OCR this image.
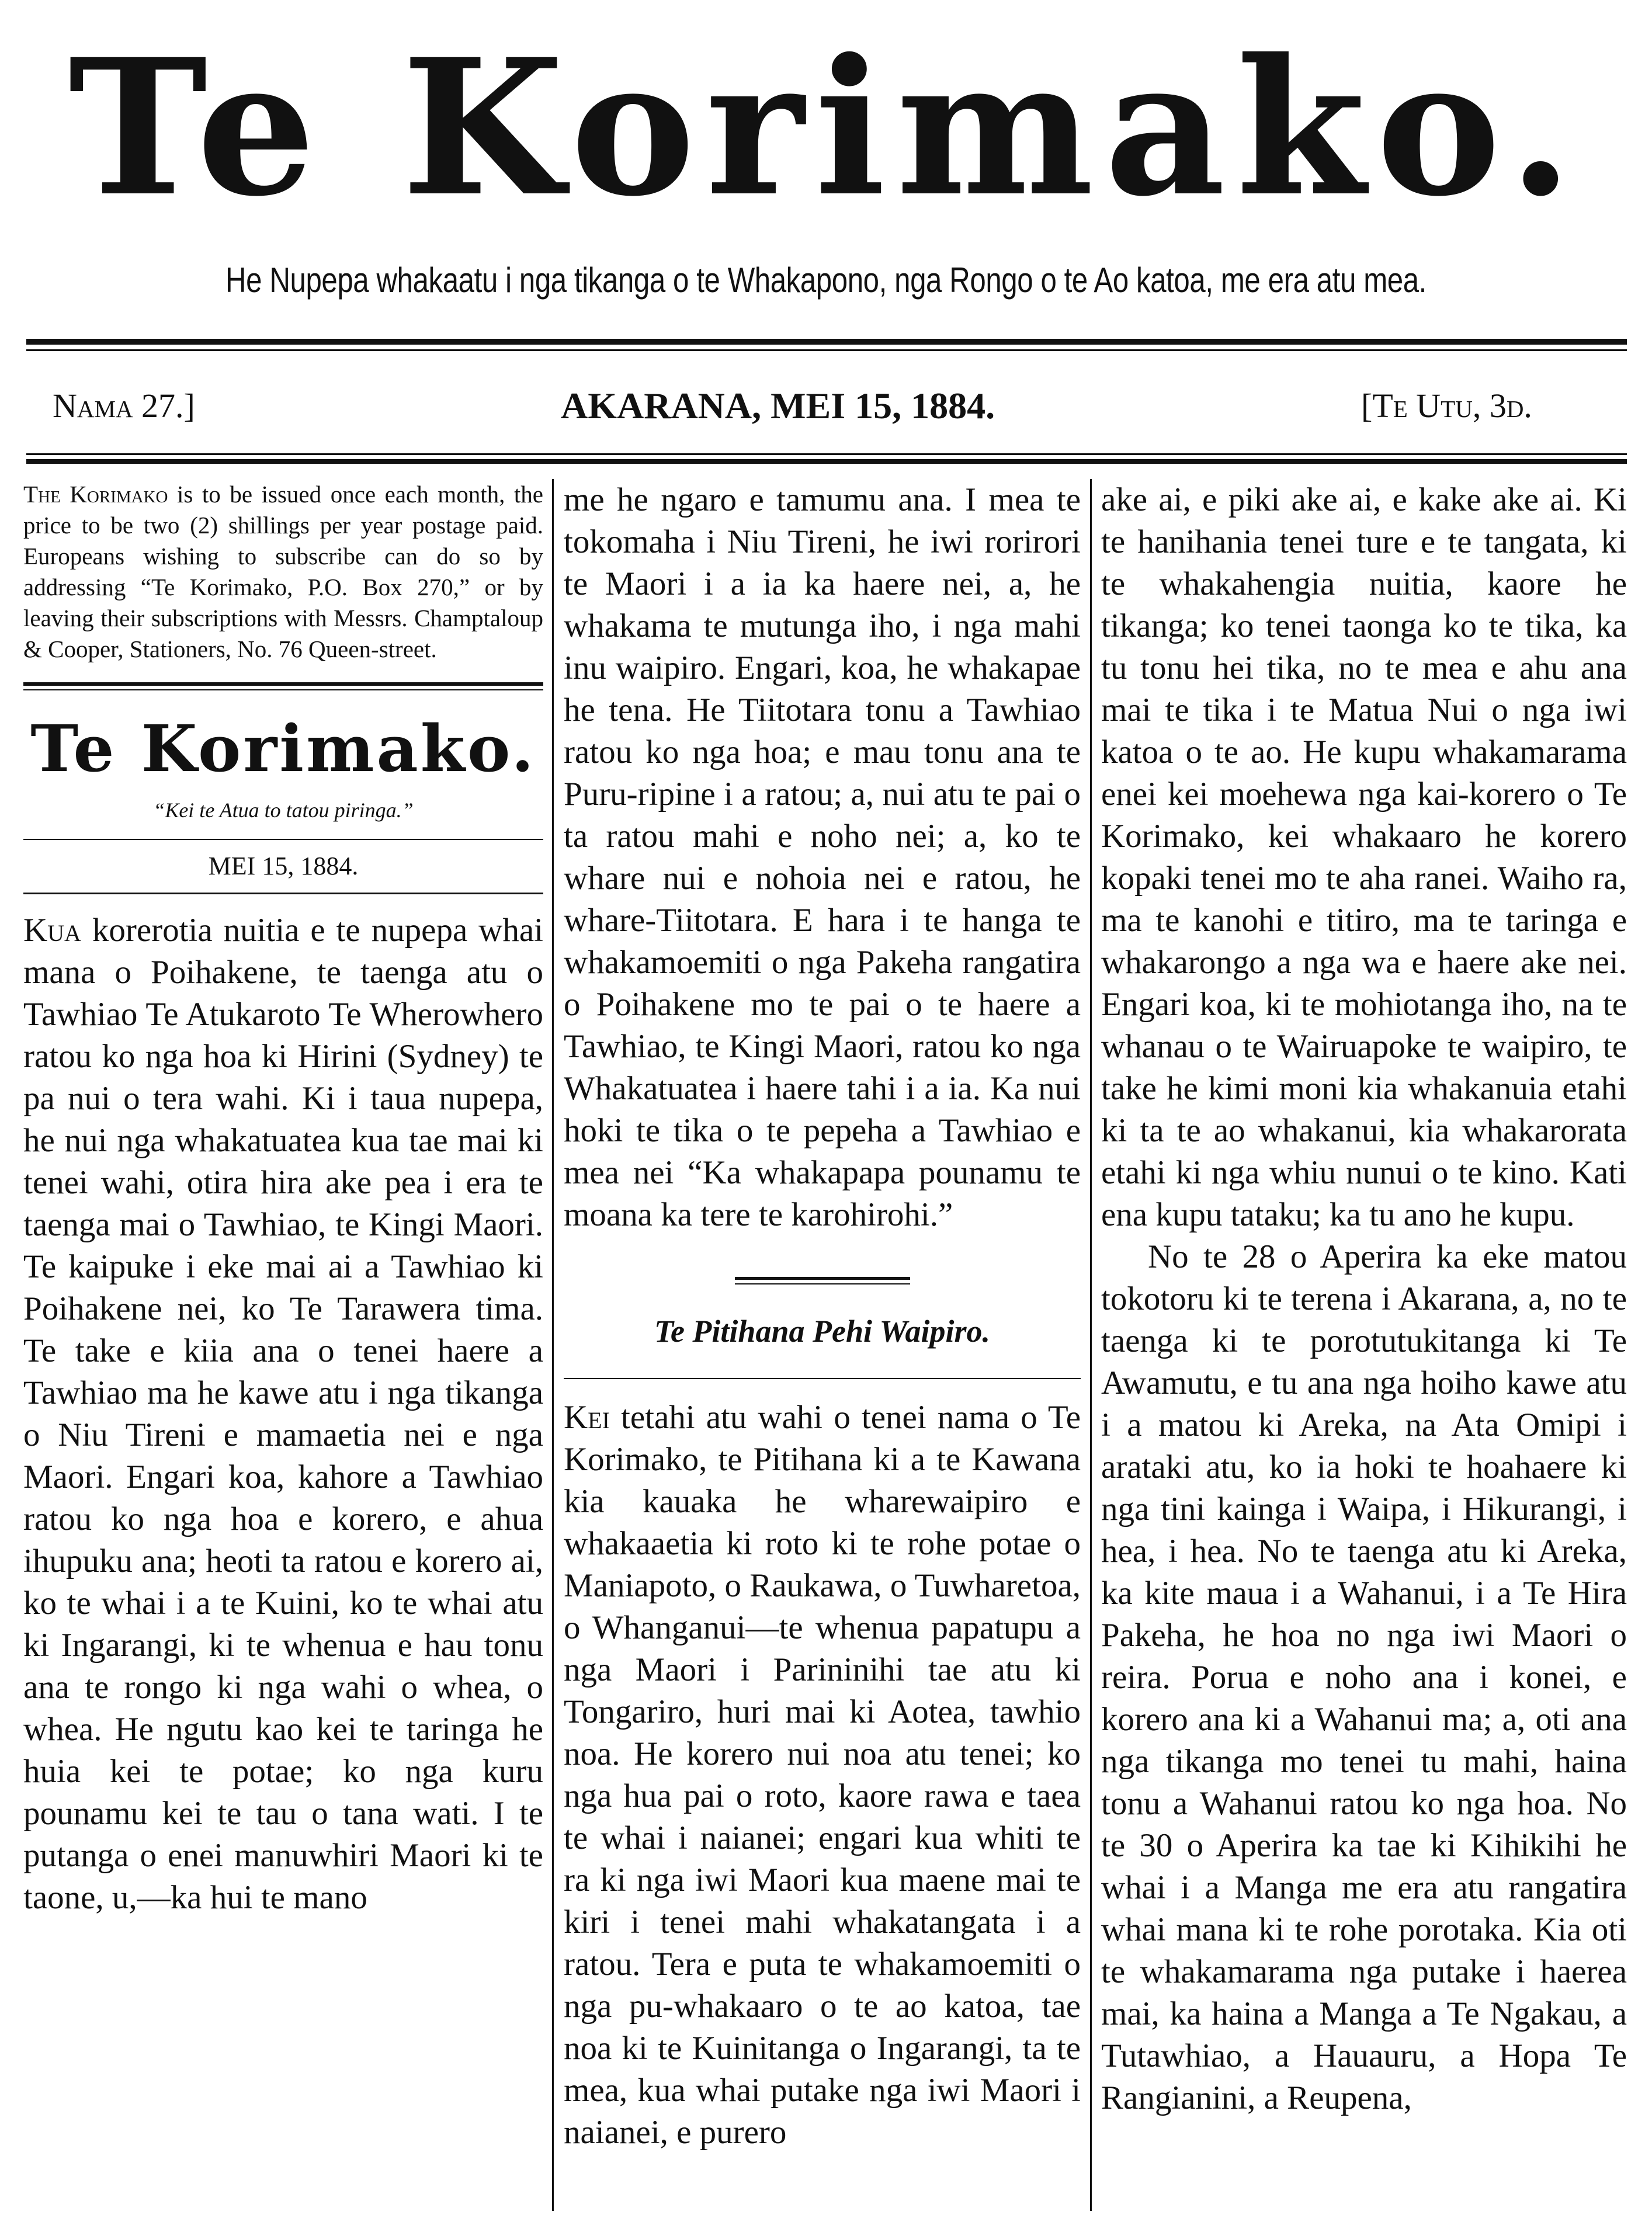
Te Korimako.
He Nupepa whakaatu i nga tikanga o te Whakapono, nga Rongo o te Ao katoa, me era atu mea.
Nama 27.]	AKARANA, MEI 15, 1884.	[Te Utu, 3d.
The Korimako is to be issued once each month, the price to be two (2) shillings per year postage paid. Europeans wishing to subscribe can do so by addressing “Te Korimako, P.O. Box 270,” or by leaving their subscriptions with Messrs. Champtaloup & Cooper, Stationers, No. 76 Queen-street.
Te Korimako.
“Kei te Atua to tatou piringa.”
MEI 15, 1884.

Kua korerotia nuitia e te nupepa whai mana o Poihakene, te taenga atu o Tawhiao Te Atukaroto Te Wherowhero ratou ko nga hoa ki Hirini (Sydney) te pa nui o tera wahi. Ki i taua nupepa, he nui nga whakatuatea kua tae mai ki tenei wahi, otira hira ake pea i era te taenga mai o Tawhiao, te Kingi Maori. Te kaipuke i eke mai ai a Tawhiao ki Poihakene nei, ko Te Tarawera tima. Te take e kiia ana o tenei haere a Tawhiao ma he kawe atu i nga tikanga o Niu Tireni e mamaetia nei e nga Maori. Engari koa, kahore a Tawhiao ratou ko nga hoa e korero, e ahua ihupuku ana; heoti ta ratou e korero ai, ko te whai i a te Kuini, ko te whai atu ki Ingarangi, ki te whenua e hau tonu ana te rongo ki nga wahi o whea, o whea. He ngutu kao kei te taringa he huia kei te potae; ko nga kuru pounamu kei te tau o tana wati. I te putanga o enei manuwhiri Maori ki te taone, u,—ka hui te mano

me he ngaro e tamumu ana. I mea te tokomaha i Niu Tireni, he iwi rorirori te Maori i a ia ka haere nei, a, he whakama te mutunga iho, i nga mahi inu waipiro. Engari, koa, he whakapae he tena. He Tiitotara tonu a Tawhiao ratou ko nga hoa; e mau tonu ana te Puru-ripine i a ratou; a, nui atu te pai o ta ratou mahi e noho nei; a, ko te whare nui e nohoia nei e ratou, he whare-Tiitotara. E hara i te hanga te whakamoemiti o nga Pakeha rangatira o Poihakene mo te pai o te haere a Tawhiao, te Kingi Maori, ratou ko nga Whakatuatea i haere tahi i a ia. Ka nui hoki te tika o te pepeha a Tawhiao e mea nei “Ka whakapapa pounamu te moana ka tere te karohirohi.”

Te Pitihana Pehi Waipiro.

Kei tetahi atu wahi o tenei nama o Te Korimako, te Pitihana ki a te Kawana kia kauaka he wharewaipiro e whakaaetia ki roto ki te rohe potae o Maniapoto, o Raukawa, o Tuwharetoa, o Whanganui—te whenua papatupu a nga Maori i Parininihi tae atu ki Tongariro, huri mai ki Aotea, tawhio noa. He korero nui noa atu tenei; ko nga hua pai o roto, kaore rawa e taea te whai i naianei; engari kua whiti te ra ki nga iwi Maori kua maene mai te kiri i tenei mahi whakatangata i a ratou. Tera e puta te whakamoemiti o nga pu-whakaaro o te ao katoa, tae noa ki te Kuinitanga o Ingarangi, ta te mea, kua whai putake nga iwi Maori i naianei, e purero

ake ai, e piki ake ai, e kake ake ai. Ki te hanihania tenei ture e te tangata, ki te whakahengia nuitia, kaore he tikanga; ko tenei taonga ko te tika, ka tu tonu hei tika, no te mea e ahu ana mai te tika i te Matua Nui o nga iwi katoa o te ao. He kupu whakamarama enei kei moehewa nga kai-korero o Te Korimako, kei whakaaro he korero kopaki tenei mo te aha ranei. Waiho ra, ma te kanohi e titiro, ma te taringa e whakarongo a nga wa e haere ake nei. Engari koa, ki te mohiotanga iho, na te whanau o te Wairuapoke te waipiro, te take he kimi moni kia whakanuia etahi ki ta te ao whakanui, kia whakarorata etahi ki nga whiu nunui o te kino. Kati ena kupu tataku; ka tu ano he kupu.

No te 28 o Aperira ka eke matou tokotoru ki te terena i Akarana, a, no te taenga ki te porotutukitanga ki Te Awamutu, e tu ana nga hoiho kawe atu i a matou ki Areka, na Ata Omipi i arataki atu, ko ia hoki te hoahaere ki nga tini kainga i Waipa, i Hikurangi, i hea, i hea. No te taenga atu ki Areka, ka kite maua i a Wahanui, i a Te Hira Pakeha, he hoa no nga iwi Maori o reira. Porua e noho ana i konei, e korero ana ki a Wahanui ma; a, oti ana nga tikanga mo tenei tu mahi, haina tonu a Wahanui ratou ko nga hoa. No te 30 o Aperira ka tae ki Kihikihi he whai i a Manga me era atu rangatira whai mana ki te rohe porotaka. Kia oti te whakamarama nga putake i haerea mai, ka haina a Manga a Te Ngakau, a Tutawhiao, a Hauauru, a Hopa Te Rangianini, a Reupena,
